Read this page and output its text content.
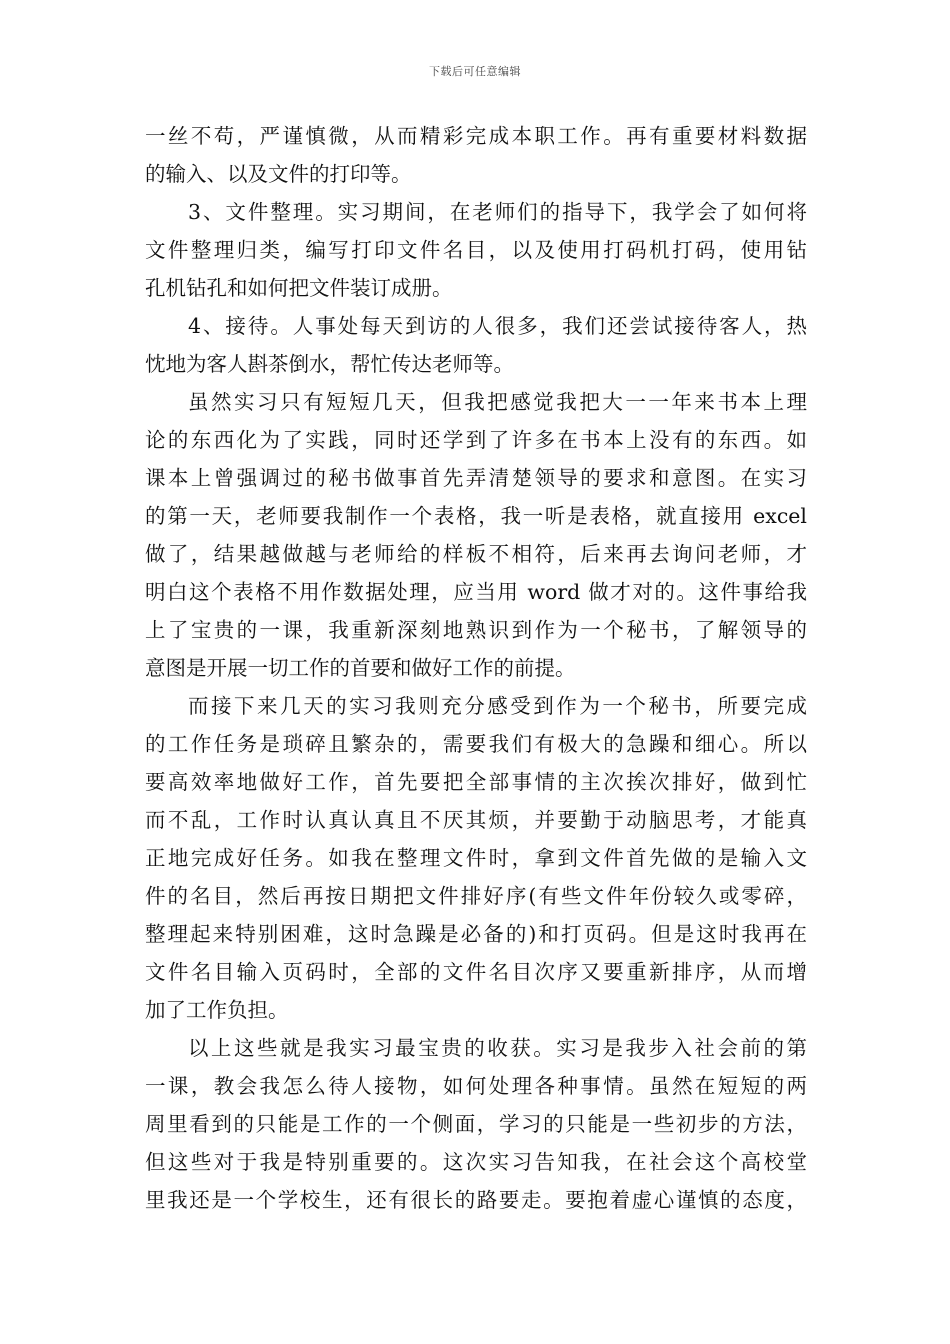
下载后可任意编辑
一丝不苟，严谨慎微，从而精彩完成本职工作。再有重要材料数据
的输入、以及文件的打印等。
3、文件整理。实习期间，在老师们的指导下，我学会了如何将
文件整理归类，编写打印文件名目，以及使用打码机打码，使用钻
孔机钻孔和如何把文件装订成册。
4、接待。人事处每天到访的人很多，我们还尝试接待客人，热
忱地为客人斟茶倒水，帮忙传达老师等。
虽然实习只有短短几天，但我把感觉我把大一一年来书本上理
论的东西化为了实践，同时还学到了许多在书本上没有的东西。如
课本上曾强调过的秘书做事首先弄清楚领导的要求和意图。在实习
的第一天，老师要我制作一个表格，我一听是表格，就直接用 excel
做了，结果越做越与老师给的样板不相符，后来再去询问老师，才
明白这个表格不用作数据处理，应当用 word 做才对的。这件事给我
上了宝贵的一课，我重新深刻地熟识到作为一个秘书，了解领导的
意图是开展一切工作的首要和做好工作的前提。
而接下来几天的实习我则充分感受到作为一个秘书，所要完成
的工作任务是琐碎且繁杂的，需要我们有极大的急躁和细心。所以
要高效率地做好工作，首先要把全部事情的主次挨次排好，做到忙
而不乱，工作时认真认真且不厌其烦，并要勤于动脑思考，才能真
正地完成好任务。如我在整理文件时，拿到文件首先做的是输入文
件的名目，然后再按日期把文件排好序(有些文件年份较久或零碎，
整理起来特别困难，这时急躁是必备的)和打页码。但是这时我再在
文件名目输入页码时，全部的文件名目次序又要重新排序，从而增
加了工作负担。
以上这些就是我实习最宝贵的收获。实习是我步入社会前的第
一课，教会我怎么待人接物，如何处理各种事情。虽然在短短的两
周里看到的只能是工作的一个侧面，学习的只能是一些初步的方法，
但这些对于我是特别重要的。这次实习告知我，在社会这个高校堂
里我还是一个学校生，还有很长的路要走。要抱着虚心谨慎的态度，
